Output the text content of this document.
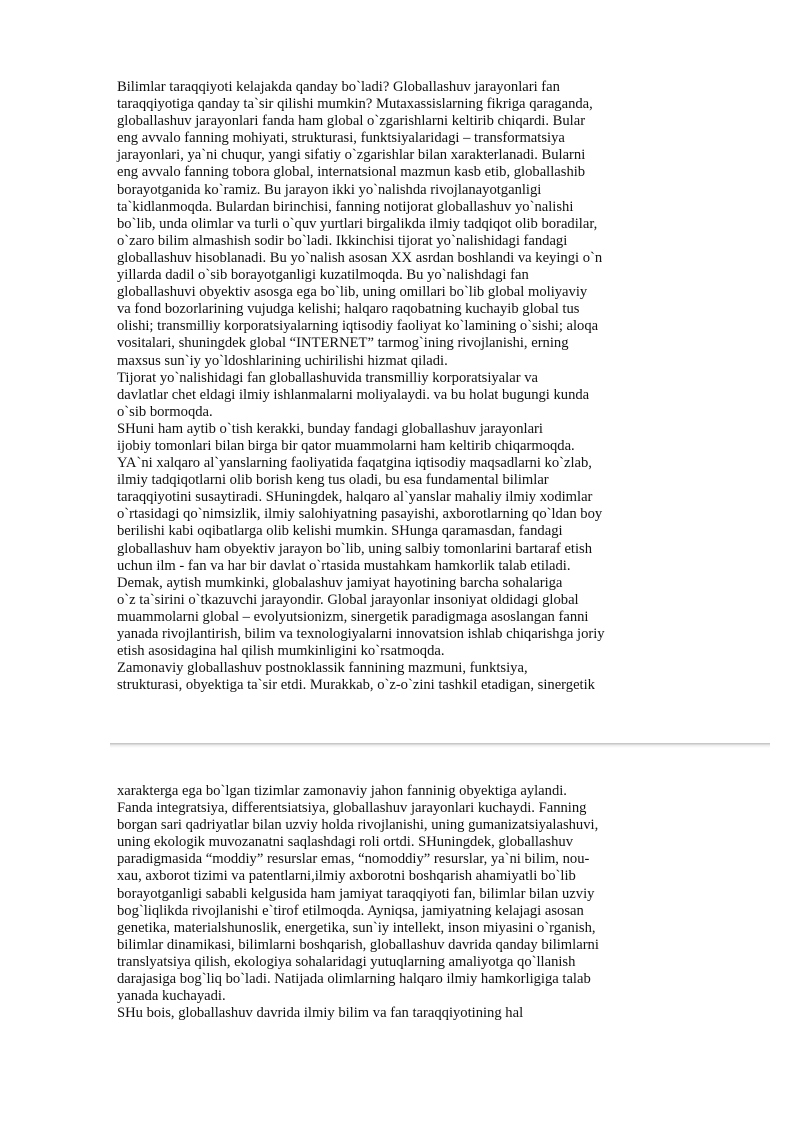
Bilimlar taraqqiyoti kelajakda qanday bo`ladi? Globallashuv jarayonlari fan
taraqqiyotiga qanday ta`sir qilishi mumkin? Mutaxassislarning fikriga qaraganda,
globallashuv jarayonlari fanda ham global o`zgarishlarni keltirib chiqardi. Bular
eng avvalo fanning mohiyati, strukturasi, funktsiyalaridagi – transformatsiya
jarayonlari, ya`ni chuqur, yangi sifatiy o`zgarishlar bilan xarakterlanadi. Bularni
eng avvalo fanning tobora global, internatsional mazmun kasb etib, globallashib
borayotganida ko`ramiz. Bu jarayon ikki yo`nalishda rivojlanayotganligi
ta`kidlanmoqda. Bulardan birinchisi, fanning notijorat globallashuv yo`nalishi
bo`lib, unda olimlar va turli o`quv yurtlari birgalikda ilmiy tadqiqot olib boradilar,
o`zaro bilim almashish sodir bo`ladi. Ikkinchisi tijorat yo`nalishidagi fandagi
globallashuv hisoblanadi. Bu yo`nalish asosan XX asrdan boshlandi va keyingi o`n
yillarda dadil o`sib borayotganligi kuzatilmoqda. Bu yo`nalishdagi fan
globallashuvi obyektiv asosga ega bo`lib, uning omillari bo`lib global moliyaviy
va fond bozorlarining vujudga kelishi; halqaro raqobatning kuchayib global tus
olishi; transmilliy korporatsiyalarning iqtisodiy faoliyat ko`lamining o`sishi; aloqa
vositalari, shuningdek global “INTERNET” tarmog`ining rivojlanishi, erning
maxsus sun`iy yo`ldoshlarining uchirilishi hizmat qiladi.
Tijorat yo`nalishidagi fan globallashuvida transmilliy korporatsiyalar va
davlatlar chet eldagi ilmiy ishlanmalarni moliyalaydi. va bu holat bugungi kunda
o`sib bormoqda.
SHuni ham aytib o`tish kerakki, bunday fandagi globallashuv jarayonlari
ijobiy tomonlari bilan birga bir qator muammolarni ham keltirib chiqarmoqda.
YA`ni xalqaro al`yanslarning faoliyatida faqatgina iqtisodiy maqsadlarni ko`zlab,
ilmiy tadqiqotlarni olib borish keng tus oladi, bu esa fundamental bilimlar
taraqqiyotini susaytiradi. SHuningdek, halqaro al`yanslar mahaliy ilmiy xodimlar
o`rtasidagi qo`nimsizlik, ilmiy salohiyatning pasayishi, axborotlarning qo`ldan boy
berilishi kabi oqibatlarga olib kelishi mumkin. SHunga qaramasdan, fandagi
globallashuv ham obyektiv jarayon bo`lib, uning salbiy tomonlarini bartaraf etish
uchun ilm - fan va har bir davlat o`rtasida mustahkam hamkorlik talab etiladi.
Demak, aytish mumkinki, globalashuv jamiyat hayotining barcha sohalariga
o`z ta`sirini o`tkazuvchi jarayondir. Global jarayonlar insoniyat oldidagi global
muammolarni global – evolyutsionizm, sinergetik paradigmaga asoslangan fanni
yanada rivojlantirish, bilim va texnologiyalarni innovatsion ishlab chiqarishga joriy
etish asosidagina hal qilish mumkinligini ko`rsatmoqda.
Zamonaviy globallashuv postnoklassik fannining mazmuni, funktsiya,
strukturasi, obyektiga ta`sir etdi. Murakkab, o`z-o`zini tashkil etadigan, sinergetik
xarakterga ega bo`lgan tizimlar zamonaviy jahon fanninig obyektiga aylandi.
Fanda integratsiya, differentsiatsiya, globallashuv jarayonlari kuchaydi. Fanning
borgan sari qadriyatlar bilan uzviy holda rivojlanishi, uning gumanizatsiyalashuvi,
uning ekologik muvozanatni saqlashdagi roli ortdi. SHuningdek, globallashuv
paradigmasida “moddiy” resurslar emas, “nomoddiy” resurslar, ya`ni bilim, nou-
xau, axborot tizimi va patentlarni,ilmiy axborotni boshqarish ahamiyatli bo`lib
borayotganligi sababli kelgusida ham jamiyat taraqqiyoti fan, bilimlar bilan uzviy
bog`liqlikda rivojlanishi e`tirof etilmoqda. Ayniqsa, jamiyatning kelajagi asosan
genetika, materialshunoslik, energetika, sun`iy intellekt, inson miyasini o`rganish,
bilimlar dinamikasi, bilimlarni boshqarish, globallashuv davrida qanday bilimlarni
translyatsiya qilish, ekologiya sohalaridagi yutuqlarning amaliyotga qo`llanish
darajasiga bog`liq bo`ladi. Natijada olimlarning halqaro ilmiy hamkorligiga talab
yanada kuchayadi.
SHu bois, globallashuv davrida ilmiy bilim va fan taraqqiyotining hal
